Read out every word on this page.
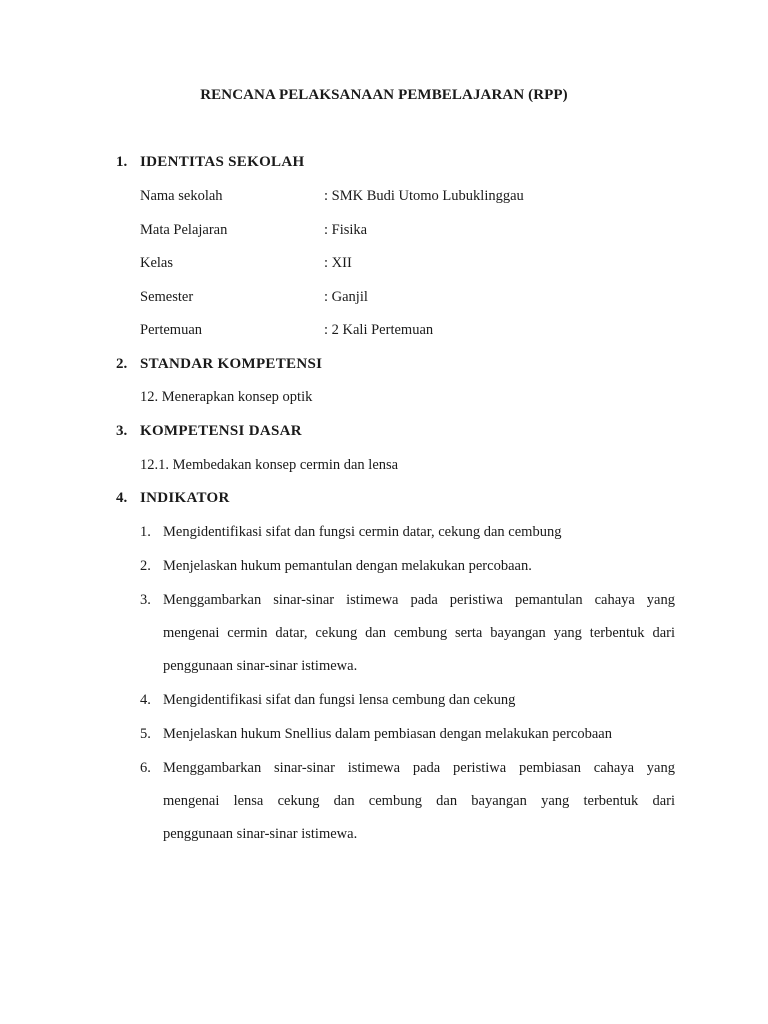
RENCANA PELAKSANAAN PEMBELAJARAN (RPP)
1. IDENTITAS SEKOLAH
Nama sekolah	: SMK Budi Utomo Lubuklinggau
Mata Pelajaran	: Fisika
Kelas	: XII
Semester	: Ganjil
Pertemuan	: 2 Kali Pertemuan
2. STANDAR KOMPETENSI
12. Menerapkan konsep optik
3. KOMPETENSI DASAR
12.1. Membedakan konsep cermin dan lensa
4. INDIKATOR
1. Mengidentifikasi sifat dan fungsi cermin datar, cekung dan cembung
2. Menjelaskan hukum pemantulan dengan melakukan percobaan.
3. Menggambarkan sinar-sinar istimewa pada peristiwa pemantulan cahaya yang
mengenai cermin datar, cekung dan cembung serta bayangan yang terbentuk dari
penggunaan sinar-sinar istimewa.
4. Mengidentifikasi sifat dan fungsi lensa cembung dan cekung
5. Menjelaskan hukum Snellius dalam pembiasan dengan melakukan percobaan
6. Menggambarkan sinar-sinar istimewa pada peristiwa pembiasan cahaya yang
mengenai lensa cekung dan cembung dan bayangan yang terbentuk dari
penggunaan sinar-sinar istimewa.
